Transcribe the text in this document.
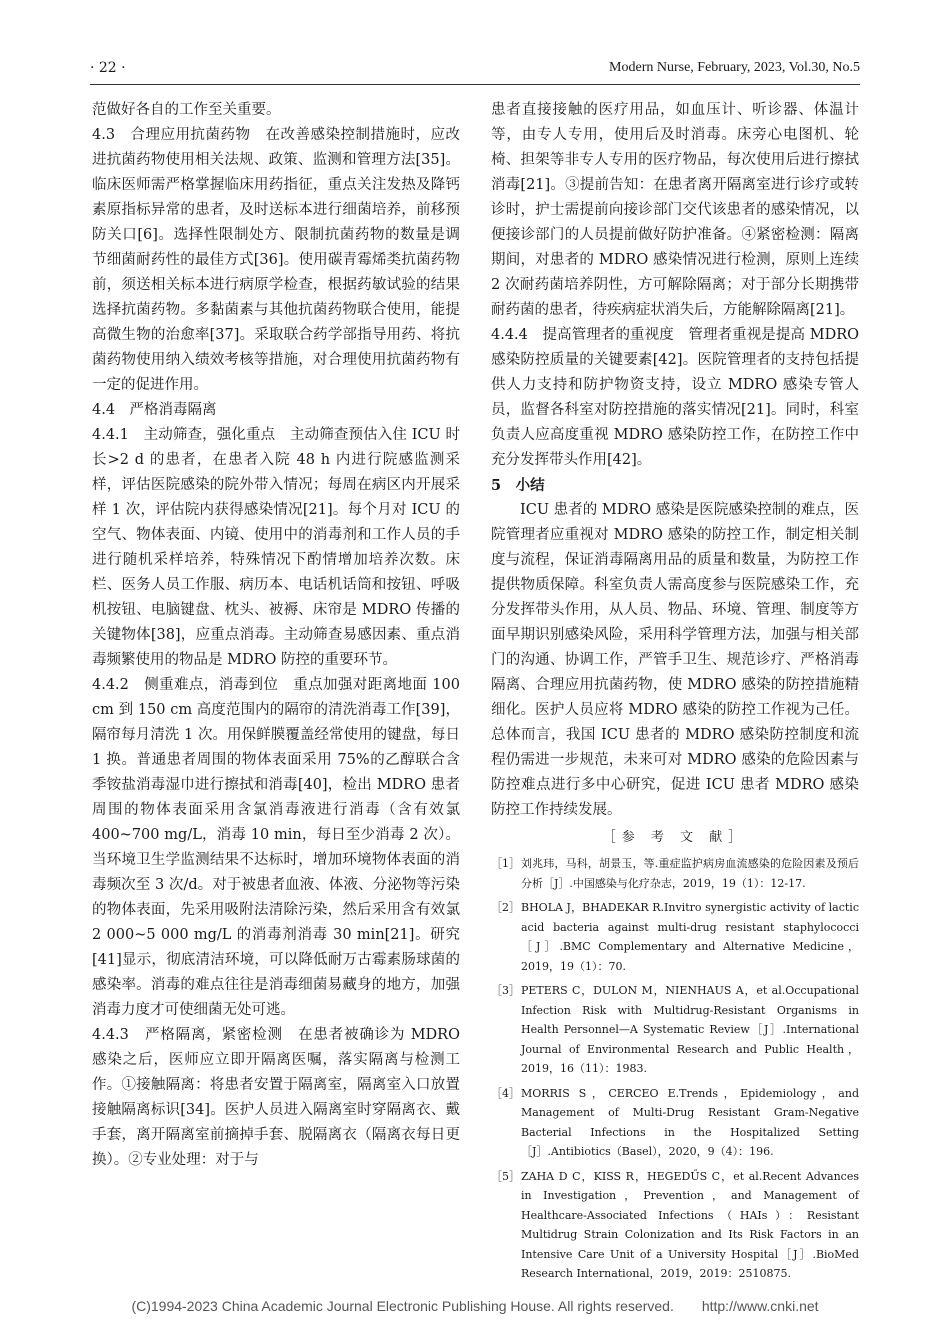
· 22 ·	Modern Nurse, February, 2023, Vol.30, No.5

范做好各自的工作至关重要。

4.3　合理应用抗菌药物　在改善感染控制措施时，应改进抗菌药物使用相关法规、政策、监测和管理方法[35]。临床医师需严格掌握临床用药指征，重点关注发热及降钙素原指标异常的患者，及时送标本进行细菌培养，前移预防关口[6]。选择性限制处方、限制抗菌药物的数量是调节细菌耐药性的最佳方式[36]。使用碳青霉烯类抗菌药物前，须送相关标本进行病原学检查，根据药敏试验的结果选择抗菌药物。多黏菌素与其他抗菌药物联合使用，能提高微生物的治愈率[37]。采取联合药学部指导用药、将抗菌药物使用纳入绩效考核等措施，对合理使用抗菌药物有一定的促进作用。

4.4　严格消毒隔离

4.4.1　主动筛查，强化重点　主动筛查预估入住 ICU 时长>2 d 的患者，在患者入院 48 h 内进行院感监测采样，评估医院感染的院外带入情况；每周在病区内开展采样 1 次，评估院内获得感染情况[21]。每个月对 ICU 的空气、物体表面、内镜、使用中的消毒剂和工作人员的手进行随机采样培养，特殊情况下酌情增加培养次数。床栏、医务人员工作服、病历本、电话机话筒和按钮、呼吸机按钮、电脑键盘、枕头、被褥、床帘是 MDRO 传播的关键物体[38]，应重点消毒。主动筛查易感因素、重点消毒频繁使用的物品是 MDRO 防控的重要环节。

4.4.2　侧重难点，消毒到位　重点加强对距离地面 100 cm 到 150 cm 高度范围内的隔帘的清洗消毒工作[39]，隔帘每月清洗 1 次。用保鲜膜覆盖经常使用的键盘，每日 1 换。普通患者周围的物体表面采用 75%的乙醇联合含季铵盐消毒湿巾进行擦拭和消毒[40]，检出 MDRO 患者周围的物体表面采用含氯消毒液进行消毒（含有效氯 400~700 mg/L，消毒 10 min，每日至少消毒 2 次）。当环境卫生学监测结果不达标时，增加环境物体表面的消毒频次至 3 次/d。对于被患者血液、体液、分泌物等污染的物体表面，先采用吸附法清除污染，然后采用含有效氯 2 000~5 000 mg/L 的消毒剂消毒 30 min[21]。研究[41]显示，彻底清洁环境，可以降低耐万古霉素肠球菌的感染率。消毒的难点往往是消毒细菌易藏身的地方，加强消毒力度才可使细菌无处可逃。

4.4.3　严格隔离，紧密检测　在患者被确诊为 MDRO 感染之后，医师应立即开隔离医嘱，落实隔离与检测工作。①接触隔离：将患者安置于隔离室，隔离室入口放置接触隔离标识[34]。医护人员进入隔离室时穿隔离衣、戴手套，离开隔离室前摘掉手套、脱隔离衣（隔离衣每日更换）。②专业处理：对于与

患者直接接触的医疗用品，如血压计、听诊器、体温计等，由专人专用，使用后及时消毒。床旁心电图机、轮椅、担架等非专人专用的医疗物品，每次使用后进行擦拭消毒[21]。③提前告知：在患者离开隔离室进行诊疗或转诊时，护士需提前向接诊部门交代该患者的感染情况，以便接诊部门的人员提前做好防护准备。④紧密检测：隔离期间，对患者的 MDRO 感染情况进行检测，原则上连续 2 次耐药菌培养阴性，方可解除隔离；对于部分长期携带耐药菌的患者，待疾病症状消失后，方能解除隔离[21]。

4.4.4　提高管理者的重视度　管理者重视是提高 MDRO 感染防控质量的关键要素[42]。医院管理者的支持包括提供人力支持和防护物资支持，设立 MDRO 感染专管人员，监督各科室对防控措施的落实情况[21]。同时，科室负责人应高度重视 MDRO 感染防控工作，在防控工作中充分发挥带头作用[42]。

5　小结

ICU 患者的 MDRO 感染是医院感染控制的难点，医院管理者应重视对 MDRO 感染的防控工作，制定相关制度与流程，保证消毒隔离用品的质量和数量，为防控工作提供物质保障。科室负责人需高度参与医院感染工作，充分发挥带头作用，从人员、物品、环境、管理、制度等方面早期识别感染风险，采用科学管理方法，加强与相关部门的沟通、协调工作，严管手卫生、规范诊疗、严格消毒隔离、合理应用抗菌药物，使 MDRO 感染的防控措施精细化。医护人员应将 MDRO 感染的防控工作视为己任。总体而言，我国 ICU 患者的 MDRO 感染防控制度和流程仍需进一步规范，未来可对 MDRO 感染的危险因素与防控难点进行多中心研究，促进 ICU 患者 MDRO 感染防控工作持续发展。

［参 考 文 献］
［1］ 刘兆玮，马科，胡景玉，等.重症监护病房血流感染的危险因素及预后分析［J］.中国感染与化疗杂志，2019，19（1）：12-17.
［2］ BHOLA J，BHADEKAR R.Invitro synergistic activity of lactic acid bacteria against multi-drug resistant staphylococci［J］.BMC Complementary and Alternative Medicine，2019，19（1）：70.
［3］ PETERS C，DULON M，NIENHAUS A，et al.Occupational Infection Risk with Multidrug-Resistant Organisms in Health Personnel—A Systematic Review［J］.International Journal of Environmental Research and Public Health，2019，16（11）：1983.
［4］ MORRIS S，CERCEO E.Trends，Epidemiology，and Management of Multi-Drug Resistant Gram-Negative Bacterial Infections in the Hospitalized Setting［J］.Antibiotics（Basel），2020，9（4）：196.
［5］ ZAHA D C，KISS R，HEGEDŰS C，et al.Recent Advances in Investigation，Prevention，and Management of Healthcare-Associated Infections（HAIs）：Resistant Multidrug Strain Colonization and Its Risk Factors in an Intensive Care Unit of a University Hospital［J］.BioMed Research International，2019，2019：2510875.
(C)1994-2023 China Academic Journal Electronic Publishing House. All rights reserved.　　http://www.cnki.net
